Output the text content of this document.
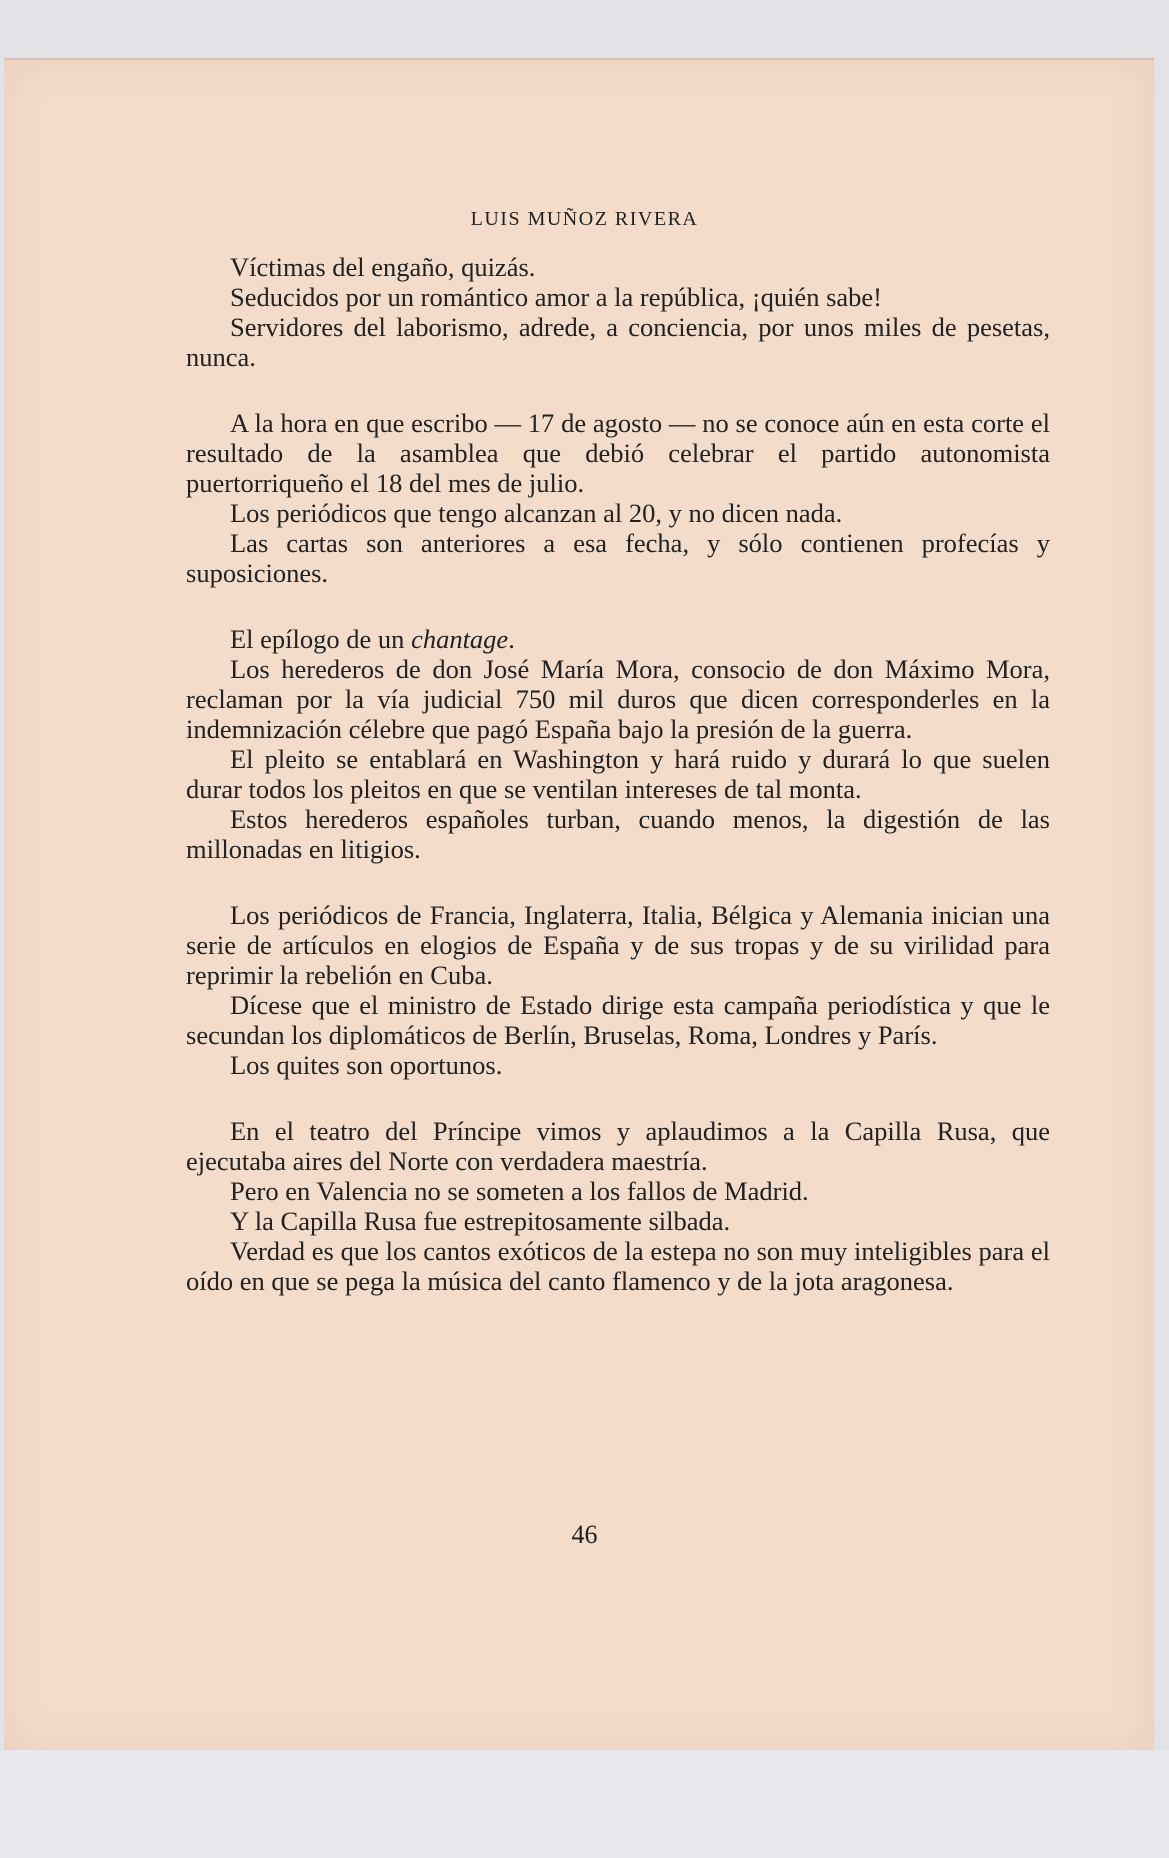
LUIS MUÑOZ RIVERA

Víctimas del engaño, quizás.

Seducidos por un romántico amor a la república, ¡quién sabe!

Servidores del laborismo, adrede, a conciencia, por unos miles de pesetas, nunca.

A la hora en que escribo — 17 de agosto — no se conoce aún en esta corte el resultado de la asamblea que debió celebrar el partido autonomista puertorriqueño el 18 del mes de julio.

Los periódicos que tengo alcanzan al 20, y no dicen nada.

Las cartas son anteriores a esa fecha, y sólo contienen profecías y suposiciones.

El epílogo de un chantage.

Los herederos de don José María Mora, consocio de don Máximo Mora, reclaman por la vía judicial 750 mil duros que dicen corresponderles en la indemnización célebre que pagó España bajo la presión de la guerra.

El pleito se entablará en Washington y hará ruido y durará lo que suelen durar todos los pleitos en que se ventilan intereses de tal monta.

Estos herederos españoles turban, cuando menos, la digestión de las millonadas en litigios.

Los periódicos de Francia, Inglaterra, Italia, Bélgica y Alemania inician una serie de artículos en elogios de España y de sus tropas y de su virilidad para reprimir la rebelión en Cuba.

Dícese que el ministro de Estado dirige esta campaña periodística y que le secundan los diplomáticos de Berlín, Bruselas, Roma, Londres y París.

Los quites son oportunos.

En el teatro del Príncipe vimos y aplaudimos a la Capilla Rusa, que ejecutaba aires del Norte con verdadera maestría.

Pero en Valencia no se someten a los fallos de Madrid.

Y la Capilla Rusa fue estrepitosamente silbada.

Verdad es que los cantos exóticos de la estepa no son muy inteligibles para el oído en que se pega la música del canto flamenco y de la jota aragonesa.

46
